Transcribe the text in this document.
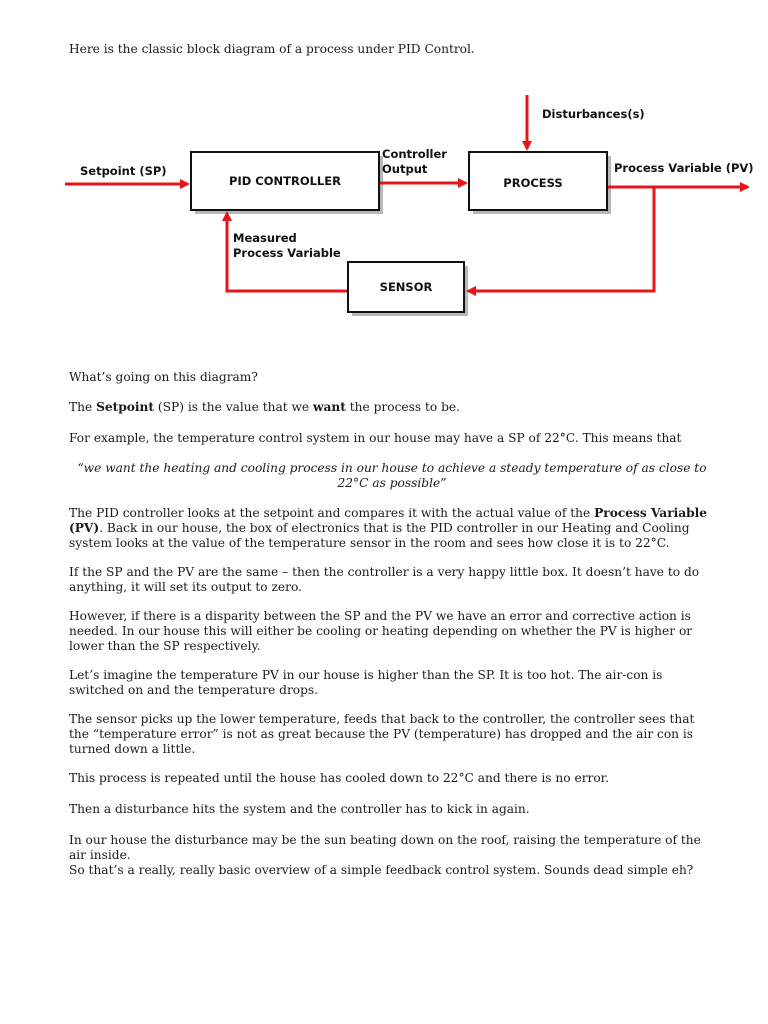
Here is the classic block diagram of a process under PID Control.

Disturbances(s)
Setpoint (SP)
PID CONTROLLER
Controller
Output
PROCESS
Process Variable (PV)
Measured
Process Variable
SENSOR

What’s going on this diagram?

The Setpoint (SP) is the value that we want the process to be.

For example, the temperature control system in our house may have a SP of 22°C. This means that

“we want the heating and cooling process in our house to achieve a steady temperature of as close to 22°C as possible”

The PID controller looks at the setpoint and compares it with the actual value of the Process Variable (PV). Back in our house, the box of electronics that is the PID controller in our Heating and Cooling system looks at the value of the temperature sensor in the room and sees how close it is to 22°C.

If the SP and the PV are the same – then the controller is a very happy little box. It doesn’t have to do anything, it will set its output to zero.

However, if there is a disparity between the SP and the PV we have an error and corrective action is needed. In our house this will either be cooling or heating depending on whether the PV is higher or lower than the SP respectively.

Let’s imagine the temperature PV in our house is higher than the SP. It is too hot. The air-con is switched on and the temperature drops.

The sensor picks up the lower temperature, feeds that back to the controller, the controller sees that the “temperature error” is not as great because the PV (temperature) has dropped and the air con is turned down a little.

This process is repeated until the house has cooled down to 22°C and there is no error.

Then a disturbance hits the system and the controller has to kick in again.

In our house the disturbance may be the sun beating down on the roof, raising the temperature of the air inside.

So that’s a really, really basic overview of a simple feedback control system. Sounds dead simple eh?
